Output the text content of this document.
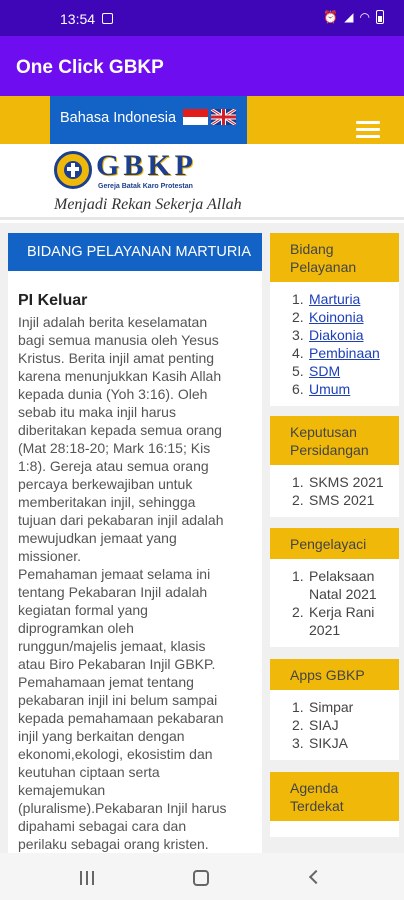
13:54	⏰ ◢ ◠
One Click GBKP
Bahasa Indonesia
GBKP
Gereja Batak Karo Protestan
Menjadi Rekan Sekerja Allah
BIDANG PELAYANAN MARTURIA
PI Keluar
Injil adalah berita keselamatan
bagi semua manusia oleh Yesus
Kristus. Berita injil amat penting
karena menunjukkan Kasih Allah
kepada dunia (Yoh 3:16). Oleh
sebab itu maka injil harus
diberitakan kepada semua orang
(Mat 28:18-20; Mark 16:15; Kis
1:8). Gereja atau semua orang
percaya berkewajiban untuk
memberitakan injil, sehingga
tujuan dari pekabaran injil adalah
mewujudkan jemaat yang
missioner.
Pemahaman jemaat selama ini
tentang Pekabaran Injil adalah
kegiatan formal yang
diprogramkan oleh
runggun/majelis jemaat, klasis
atau Biro Pekabaran Injil GBKP.
Pemahamaan jemat tentang
pekabaran injil ini belum sampai
kepada pemahamaan pekabaran
injil yang berkaitan dengan
ekonomi,ekologi, ekosistim dan
keutuhan ciptaan serta
kemajemukan
(pluralisme).Pekabaran Injil harus
dipahami sebagai cara dan
perilaku sebagai orang kristen.
Bidang
Pelayanan
1. Marturia
2. Koinonia
3. Diakonia
4. Pembinaan
5. SDM
6. Umum
Keputusan
Persidangan
1. SKMS 2021
2. SMS 2021
Pengelayaci
1. Pelaksaan Natal 2021
2. Kerja Rani 2021
Apps GBKP
1. Simpar
2. SIAJ
3. SIKJA
Agenda
Terdekat
